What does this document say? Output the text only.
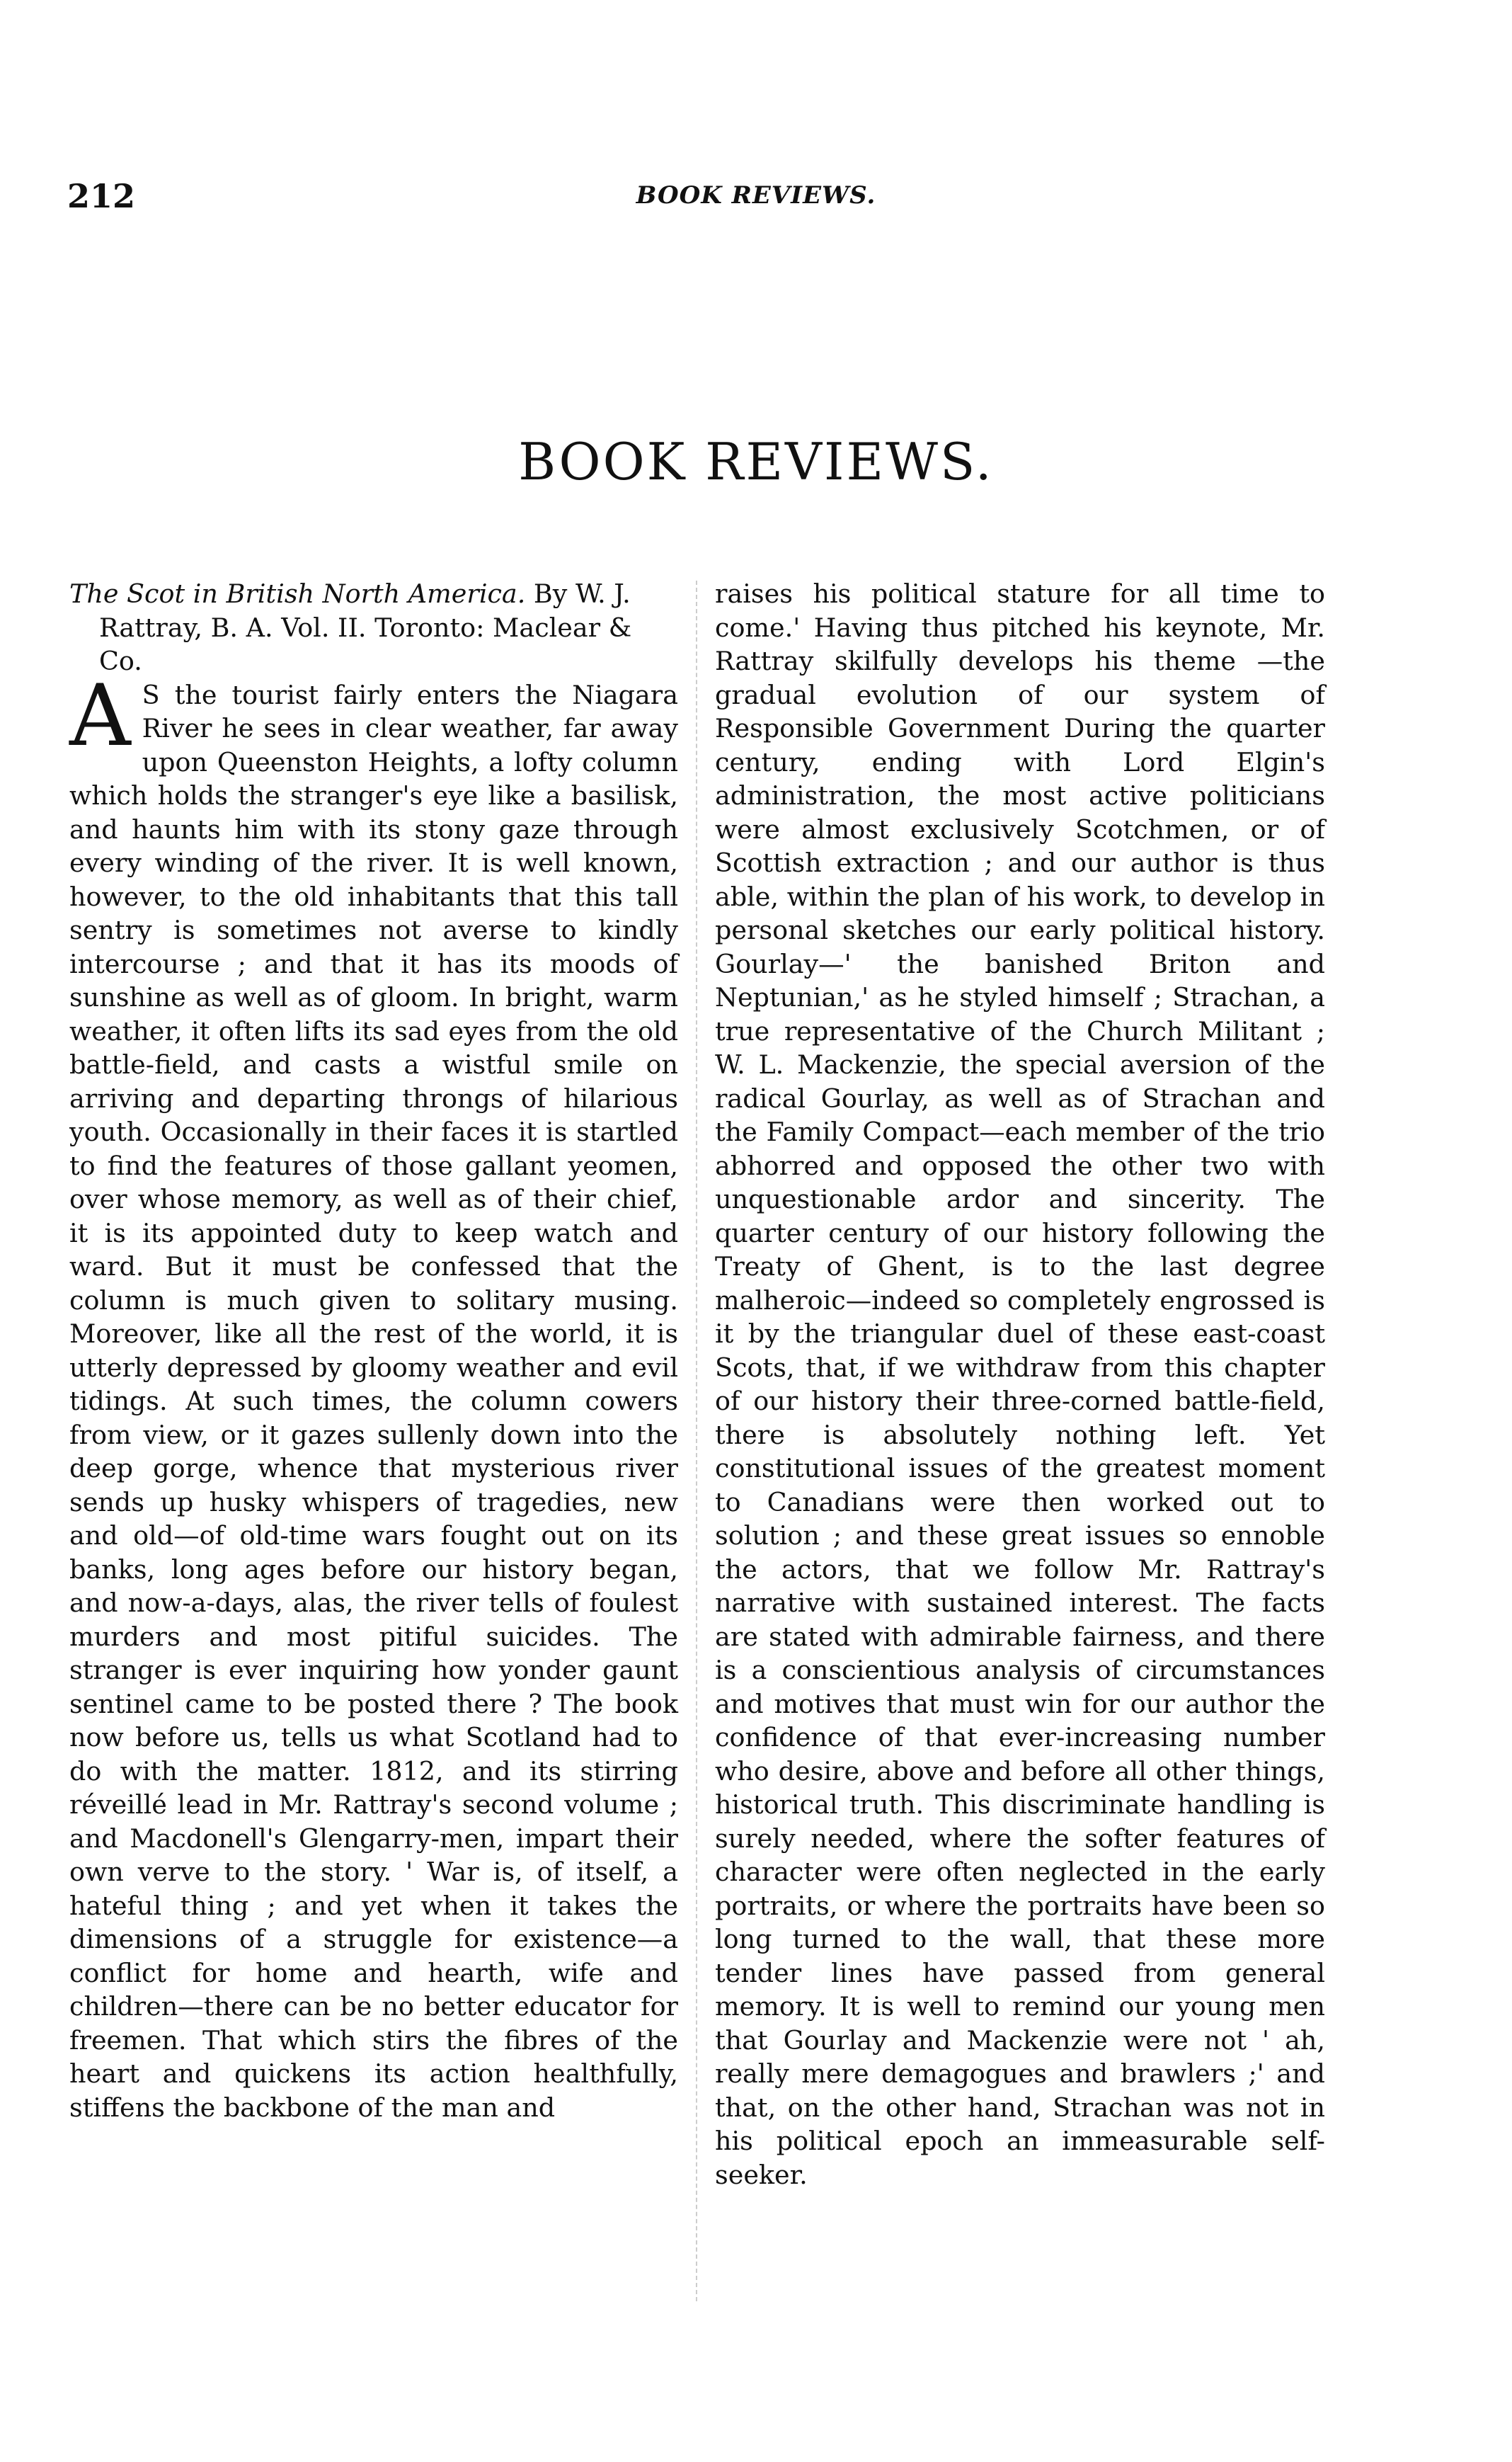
212	BOOK REVIEWS.
BOOK REVIEWS.

The Scot in British North America. By W. J. Rattray, B. A. Vol. II. Toronto: Maclear & Co.

A S the tourist fairly enters the Niagara River he sees in clear weather, far away upon Queenston Heights, a lofty column which holds the stranger's eye like a basilisk, and haunts him with its stony gaze through every winding of the river. It is well known, however, to the old inhabitants that this tall sentry is sometimes not averse to kindly intercourse ; and that it has its moods of sunshine as well as of gloom. In bright, warm weather, it often lifts its sad eyes from the old battle-field, and casts a wistful smile on arriving and departing throngs of hilarious youth. Occasionally in their faces it is startled to find the features of those gallant yeomen, over whose memory, as well as of their chief, it is its appointed duty to keep watch and ward. But it must be confessed that the column is much given to solitary musing. Moreover, like all the rest of the world, it is utterly depressed by gloomy weather and evil tidings. At such times, the column cowers from view, or it gazes sullenly down into the deep gorge, whence that mysterious river sends up husky whispers of tragedies, new and old—of old-time wars fought out on its banks, long ages before our history began, and now-a-days, alas, the river tells of foulest murders and most pitiful suicides. The stranger is ever inquiring how yonder gaunt sentinel came to be posted there ? The book now before us, tells us what Scotland had to do with the matter. 1812, and its stirring réveillé lead in Mr. Rattray's second volume ; and Macdonell's Glengarry-men, impart their own verve to the story. ' War is, of itself, a hateful thing ; and yet when it takes the dimensions of a struggle for existence—a conflict for home and hearth, wife and children—there can be no better educator for freemen. That which stirs the fibres of the heart and quickens its action healthfully, stiffens the backbone of the man and

raises his political stature for all time to come.' Having thus pitched his keynote, Mr. Rattray skilfully develops his theme —the gradual evolution of our system of Responsible Government During the quarter century, ending with Lord Elgin's administration, the most active politicians were almost exclusively Scotchmen, or of Scottish extraction ; and our author is thus able, within the plan of his work, to develop in personal sketches our early political history. Gourlay—' the banished Briton and Neptunian,' as he styled himself ; Strachan, a true representative of the Church Militant ; W. L. Mackenzie, the special aversion of the radical Gourlay, as well as of Strachan and the Family Compact—each member of the trio abhorred and opposed the other two with unquestionable ardor and sincerity. The quarter century of our history following the Treaty of Ghent, is to the last degree malheroic—indeed so completely engrossed is it by the triangular duel of these east-coast Scots, that, if we withdraw from this chapter of our history their three-corned battle-field, there is absolutely nothing left. Yet constitutional issues of the greatest moment to Canadians were then worked out to solution ; and these great issues so ennoble the actors, that we follow Mr. Rattray's narrative with sustained interest. The facts are stated with admirable fairness, and there is a conscientious analysis of circumstances and motives that must win for our author the confidence of that ever-increasing number who desire, above and before all other things, historical truth. This discriminate handling is surely needed, where the softer features of character were often neglected in the early portraits, or where the portraits have been so long turned to the wall, that these more tender lines have passed from general memory. It is well to remind our young men that Gourlay and Mackenzie were not ' ah, really mere demagogues and brawlers ;' and that, on the other hand, Strachan was not in his political epoch an immeasurable self-seeker.
